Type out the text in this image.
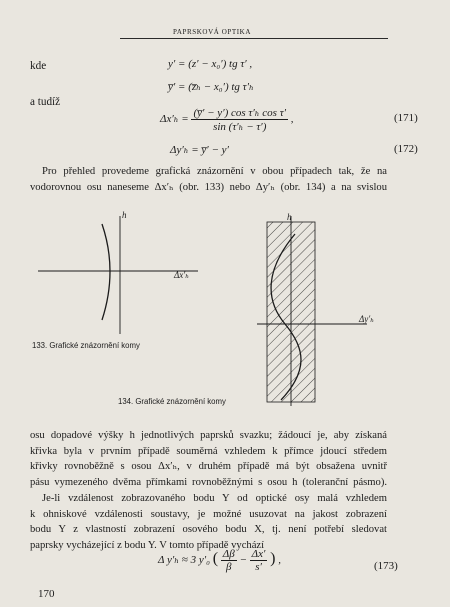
PAPRSKOVÁ OPTIKA
kde
a tudíž
y′ = (z′ − x₀′) tg τ′ ,
y̅′ = (z̅ₕ − x₀′) tg τ′ₕ
$\Delta x'_h = \frac{\text{(y̅′ − y′) cos τ′ₕ cos τ′}}{\text{sin (τ′ₕ − τ′)}}$ ,	(171)
Δy′ₕ = y̅′ − y′	(172)
Pro přehled provedeme grafická znázornění v obou případech tak, že na
vodorovnou osu naneseme Δx′ₕ (obr. 133) nebo Δy′ₕ (obr. 134) a na svislou
h
Δx′ₕ
133. Grafické znázornění komy
h
Δy′ₕ
134. Grafické znázornění komy
osu dopadové výšky h jednotlivých paprsků svazku; žádoucí je, aby získaná
křivka byla v prvním případě souměrná vzhledem k přímce jdoucí středem
křivky rovnoběžně s osou Δx′ₕ, v druhém případě má být obsažena uvnitř
pásu vymezeného dvěma přímkami rovnoběžnými s osou h (toleranční pásmo).
Je-li vzdálenost zobrazovaného bodu Y od optické osy malá vzhledem
k ohniskové vzdálenosti soustavy, je možné usuzovat na jakost zobrazení
bodu Y z vlastností zobrazení osového bodu X, tj. není potřebí sledovat
paprsky vycházející z bodu Y. V tomto případě vychází
Δ y′ₕ ≈ 3 y′₀ ( $\frac{\Delta\beta}{\beta} - \frac{\Delta x'}{s'}$ ) ,	(173)
170
